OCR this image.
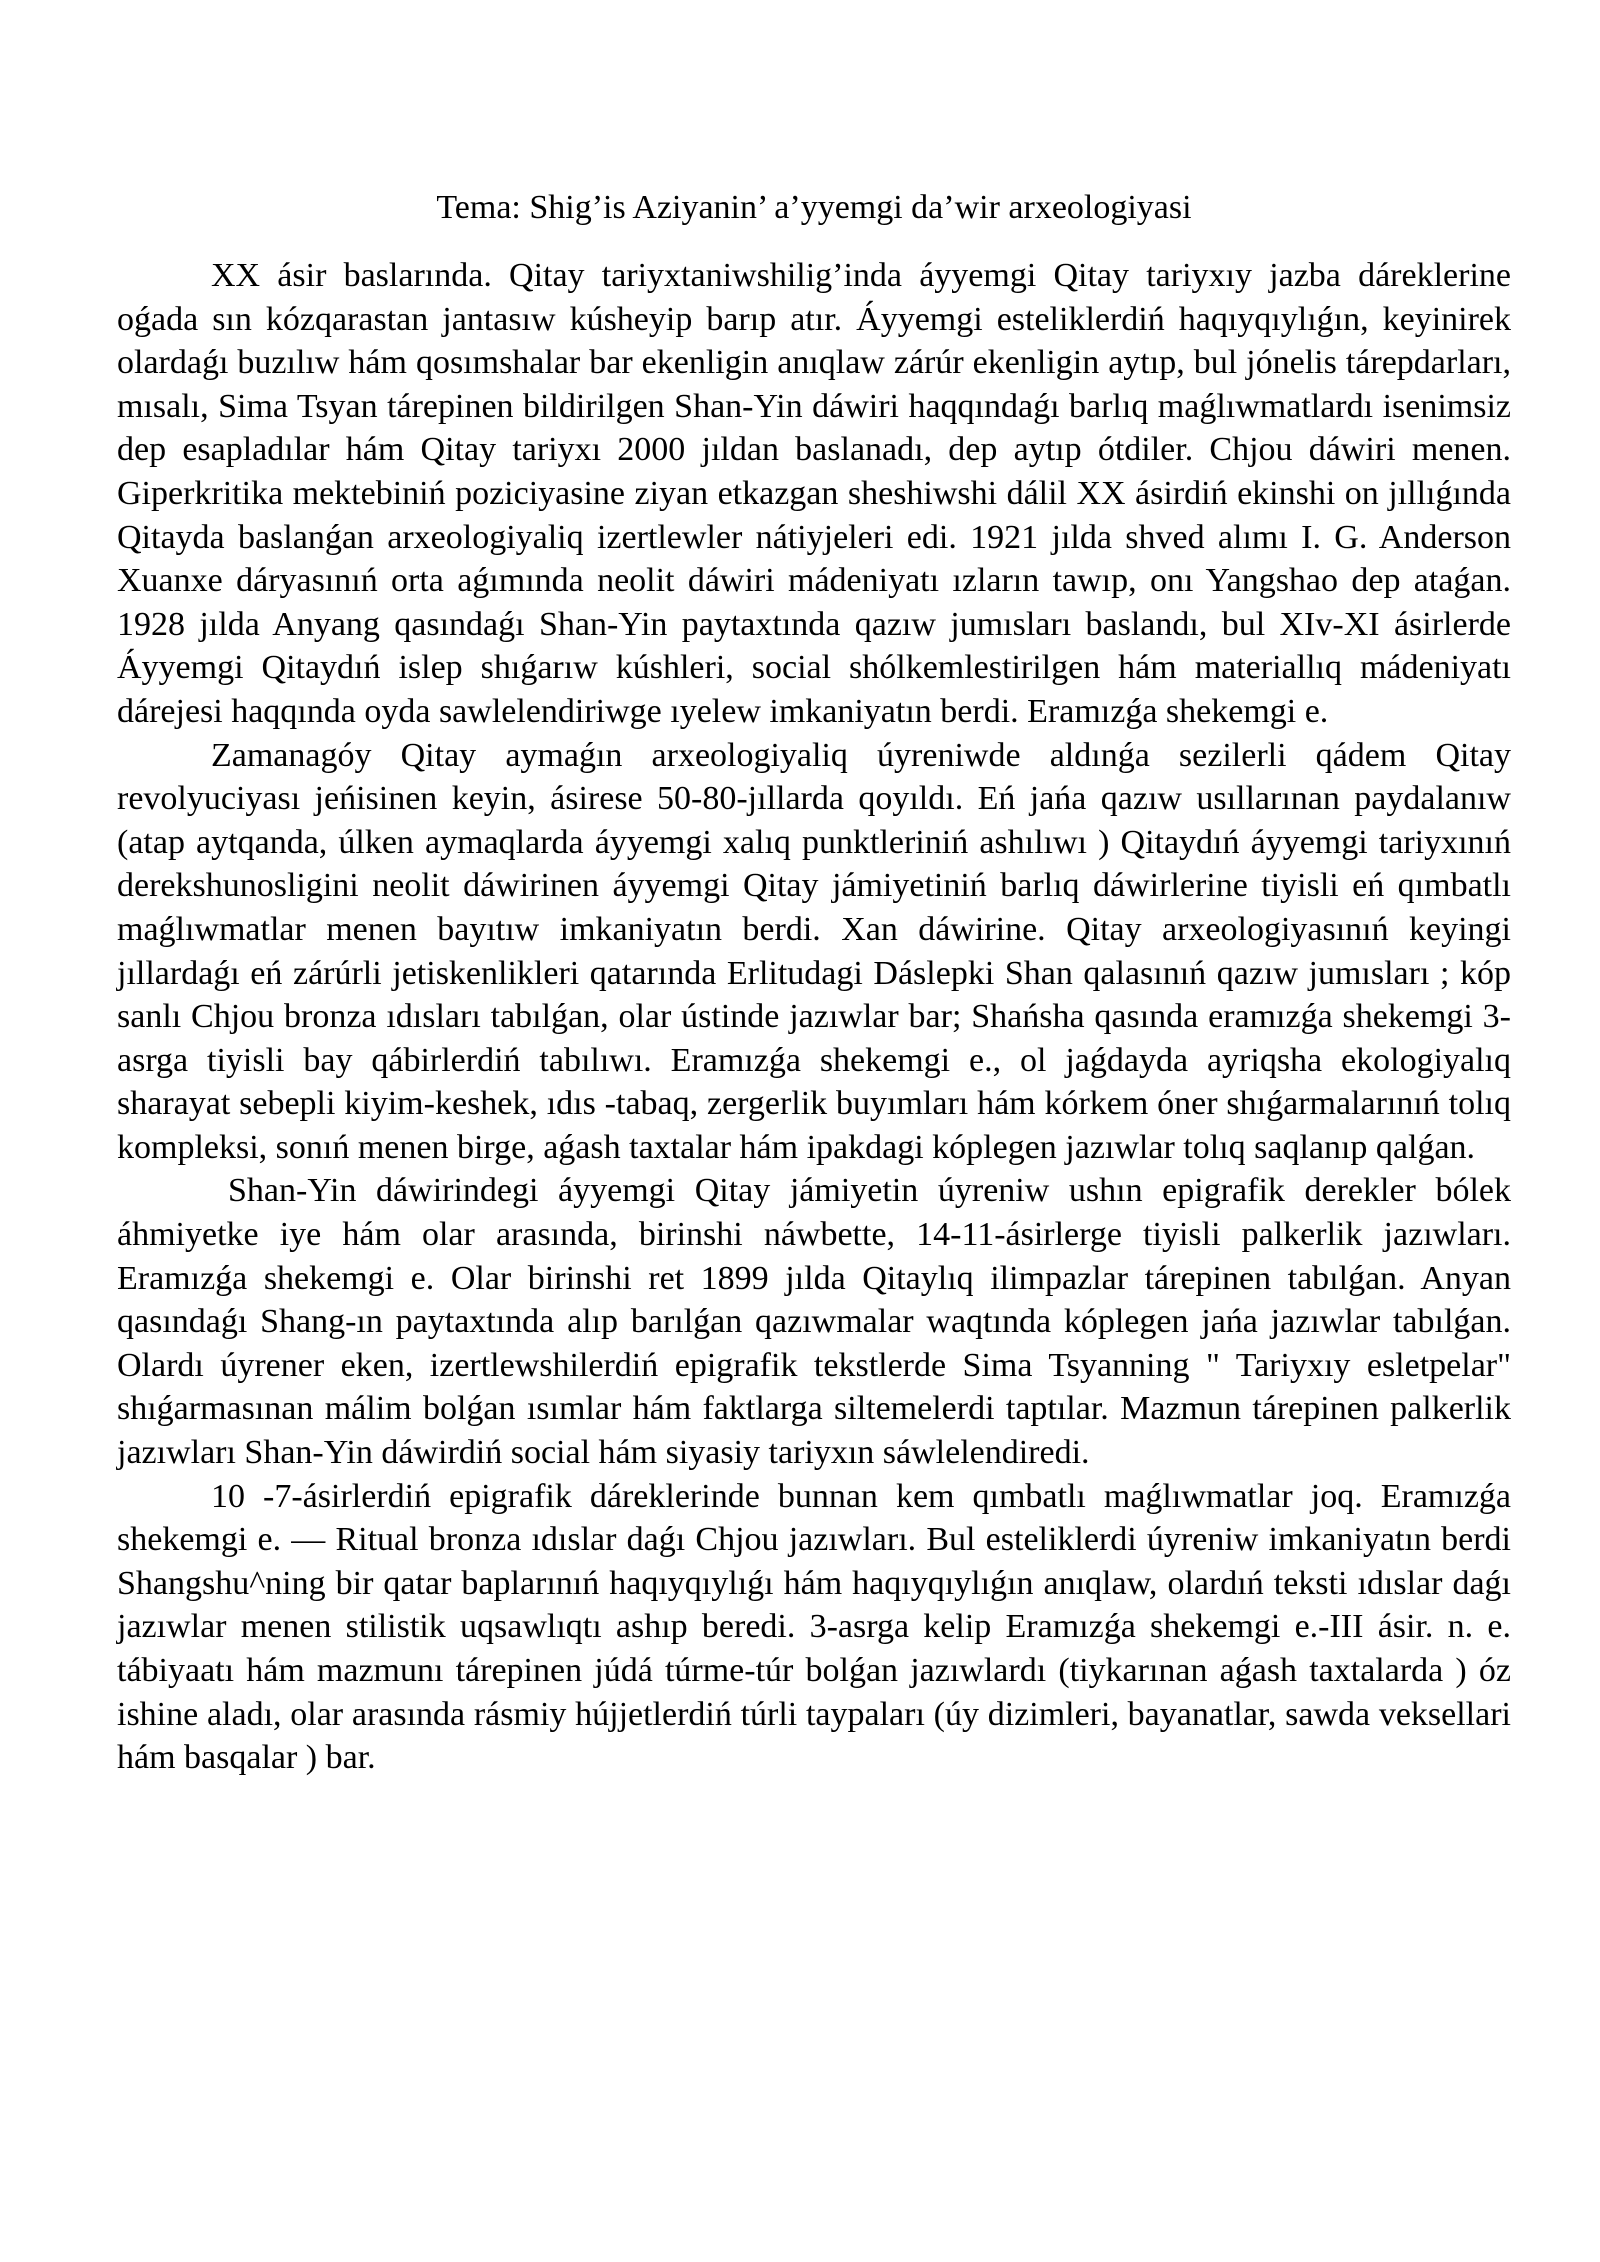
Tema: Shig’is Aziyanin’ a’yyemgi da’wir arxeologiyasi

XX ásir baslarında. Qitay tariyxtaniwshilig’inda áyyemgi Qitay tariyxıy jazba dáreklerine oǵada sın kózqarastan jantasıw kúsheyip barıp atır. Áyyemgi esteliklerdiń haqıyqıylıǵın, keyinirek olardaǵı buzılıw hám qosımshalar bar ekenligin anıqlaw zárúr ekenligin aytıp, bul jónelis tárepdarları, mısalı, Sima Tsyan tárepinen bildirilgen Shan-Yin dáwiri haqqındaǵı barlıq maǵlıwmatlardı isenimsiz dep esapladılar hám Qitay tariyxı 2000 jıldan baslanadı, dep aytıp ótdiler. Chjou dáwiri menen. Giperkritika mektebiniń poziciyasine ziyan etkazgan sheshiwshi dálil XX ásirdiń ekinshi on jıllıǵında Qitayda baslanǵan arxeologiyaliq izertlewler nátiyjeleri edi. 1921 jılda shved alımı I. G. Anderson Xuanxe dáryasınıń orta aǵımında neolit dáwiri mádeniyatı ızların tawıp, onı Yangshao dep ataǵan. 1928 jılda Anyang qasındaǵı Shan-Yin paytaxtında qazıw jumısları baslandı, bul XIv-XI ásirlerde Áyyemgi Qitaydıń islep shıǵarıw kúshleri, social shólkemlestirilgen hám materiallıq mádeniyatı dárejesi haqqında oyda sawlelendiriwge ıyelew imkaniyatın berdi. Eramızǵa shekemgi e.

Zamanagóy Qitay aymaǵın arxeologiyaliq úyreniwde aldınǵa sezilerli qádem Qitay revolyuciyası jeńisinen keyin, ásirese 50-80-jıllarda qoyıldı. Eń jańa qazıw usıllarınan paydalanıw (atap aytqanda, úlken aymaqlarda áyyemgi xalıq punktleriniń ashılıwı ) Qitaydıń áyyemgi tariyxınıń derekshunosligini neolit dáwirinen áyyemgi Qitay jámiyetiniń barlıq dáwirlerine tiyisli eń qımbatlı maǵlıwmatlar menen bayıtıw imkaniyatın berdi. Xan dáwirine. Qitay arxeologiyasınıń keyingi jıllardaǵı eń zárúrli jetiskenlikleri qatarında Erlitudagi Dáslepki Shan qalasınıń qazıw jumısları ; kóp sanlı Chjou bronza ıdısları tabılǵan, olar ústinde jazıwlar bar; Shańsha qasında eramızǵa shekemgi 3-asrga tiyisli bay qábirlerdiń tabılıwı. Eramızǵa shekemgi e., ol jaǵdayda ayriqsha ekologiyalıq sharayat sebepli kiyim-keshek, ıdıs -tabaq, zergerlik buyımları hám kórkem óner shıǵarmalarınıń tolıq kompleksi, sonıń menen birge, aǵash taxtalar hám ipakdagi kóplegen jazıwlar tolıq saqlanıp qalǵan.

Shan-Yin dáwirindegi áyyemgi Qitay jámiyetin úyreniw ushın epigrafik derekler bólek áhmiyetke iye hám olar arasında, birinshi náwbette, 14-11-ásirlerge tiyisli palkerlik jazıwları. Eramızǵa shekemgi e. Olar birinshi ret 1899 jılda Qitaylıq ilimpazlar tárepinen tabılǵan. Anyan qasındaǵı Shang-ın paytaxtında alıp barılǵan qazıwmalar waqtında kóplegen jańa jazıwlar tabılǵan. Olardı úyrener eken, izertlewshilerdiń epigrafik tekstlerde Sima Tsyanning " Tariyxıy esletpelar" shıǵarmasınan málim bolǵan ısımlar hám faktlarga siltemelerdi taptılar. Mazmun tárepinen palkerlik jazıwları Shan-Yin dáwirdiń social hám siyasiy tariyxın sáwlelendiredi.

10 -7-ásirlerdiń epigrafik dáreklerinde bunnan kem qımbatlı maǵlıwmatlar joq. Eramızǵa shekemgi e. — Ritual bronza ıdıslar daǵı Chjou jazıwları. Bul esteliklerdi úyreniw imkaniyatın berdi Shangshu^ning bir qatar baplarınıń haqıyqıylıǵı hám haqıyqıylıǵın anıqlaw, olardıń teksti ıdıslar daǵı jazıwlar menen stilistik uqsawlıqtı ashıp beredi. 3-asrga kelip Eramızǵa shekemgi e.-III ásir. n. e. tábiyaatı hám mazmunı tárepinen júdá túrme-túr bolǵan jazıwlardı (tiykarınan aǵash taxtalarda ) óz ishine aladı, olar arasında rásmiy hújjetlerdiń túrli taypaları (úy dizimleri, bayanatlar, sawda veksellari hám basqalar ) bar.
